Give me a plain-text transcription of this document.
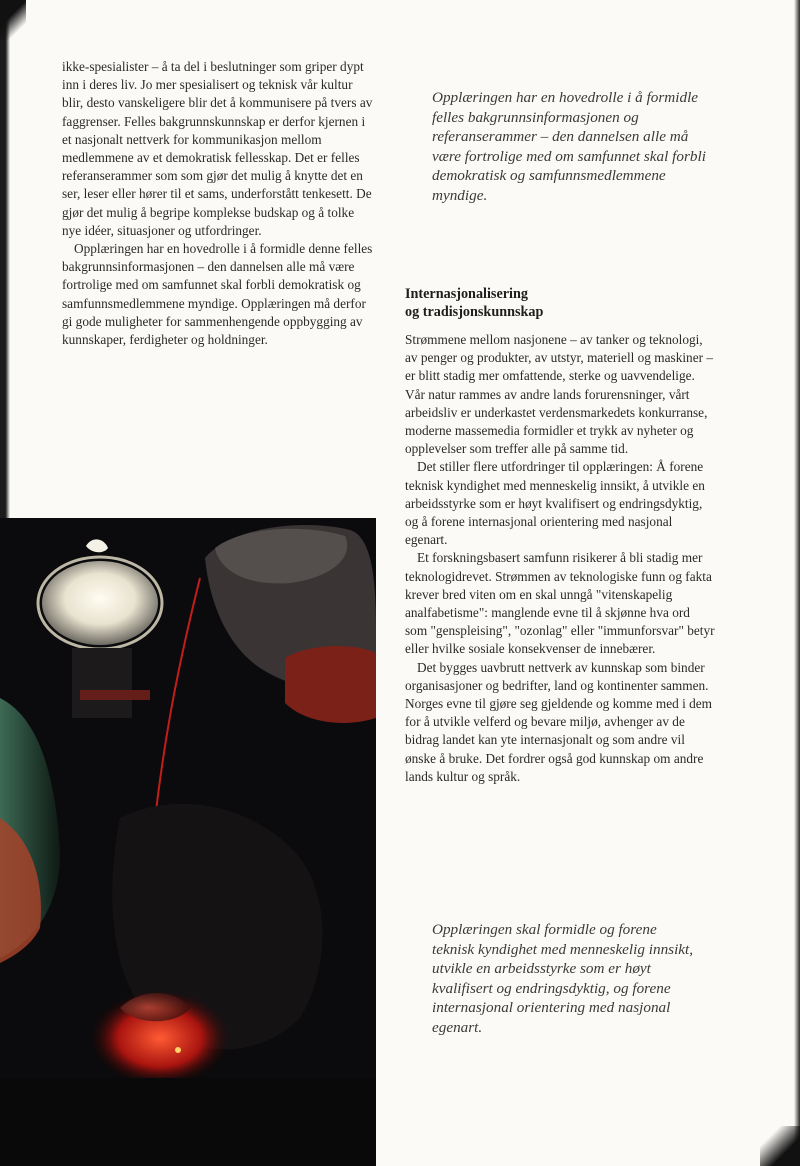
ikke-spesialister – å ta del i beslutninger som griper dypt inn i deres liv. Jo mer spesialisert og teknisk vår kultur blir, desto vanskeligere blir det å kommunisere på tvers av faggrenser. Felles bakgrunnskunnskap er derfor kjernen i et nasjonalt nettverk for kommunikasjon mellom medlemmene av et demokratisk fellesskap. Det er felles referanserammer som som gjør det mulig å knytte det en ser, leser eller hører til et sams, underforstått tenkesett. De gjør det mulig å begripe komplekse budskap og å tolke nye idéer, situasjoner og utfordringer.

Opplæringen har en hovedrolle i å formidle denne felles bakgrunnsinformasjonen – den dannelsen alle må være fortrolige med om samfunnet skal forbli demokratisk og samfunnsmedlemmene myndige. Opplæringen må derfor gi gode muligheter for sammenhengende oppbygging av kunnskaper, ferdigheter og holdninger.

Opplæringen har en hovedrolle i å formidle felles bakgrunnsinformasjonen og referanserammer – den dannelsen alle må være fortrolige med om samfunnet skal forbli demokratisk og samfunnsmedlemmene myndige.

Internasjonalisering
og tradisjonskunnskap

Strømmene mellom nasjonene – av tanker og teknologi, av penger og produkter, av utstyr, materiell og maskiner – er blitt stadig mer omfattende, sterke og uavvendelige. Vår natur rammes av andre lands forurensninger, vårt arbeidsliv er underkastet verdensmarkedets konkurranse, moderne massemedia formidler et trykk av nyheter og opplevelser som treffer alle på samme tid.

Det stiller flere utfordringer til opplæringen: Å forene teknisk kyndighet med menneskelig innsikt, å utvikle en arbeidsstyrke som er høyt kvalifisert og endringsdyktig, og å forene internasjonal orientering med nasjonal egenart.

Et forskningsbasert samfunn risikerer å bli stadig mer teknologidrevet. Strømmen av teknologiske funn og fakta krever bred viten om en skal unngå "vitenskapelig analfabetisme": manglende evne til å skjønne hva ord som "genspleising", "ozonlag" eller "immunforsvar" betyr eller hvilke sosiale konsekvenser de innebærer.

Det bygges uavbrutt nettverk av kunnskap som binder organisasjoner og bedrifter, land og kontinenter sammen. Norges evne til gjøre seg gjeldende og komme med i dem for å utvikle velferd og bevare miljø, avhenger av de bidrag landet kan yte internasjonalt og som andre vil ønske å bruke. Det fordrer også god kunnskap om andre lands kultur og språk.

Opplæringen skal formidle og forene teknisk kyndighet med menneskelig innsikt, utvikle en arbeidsstyrke som er høyt kvalifisert og endringsdyktig, og forene internasjonal orientering med nasjonal egenart.
